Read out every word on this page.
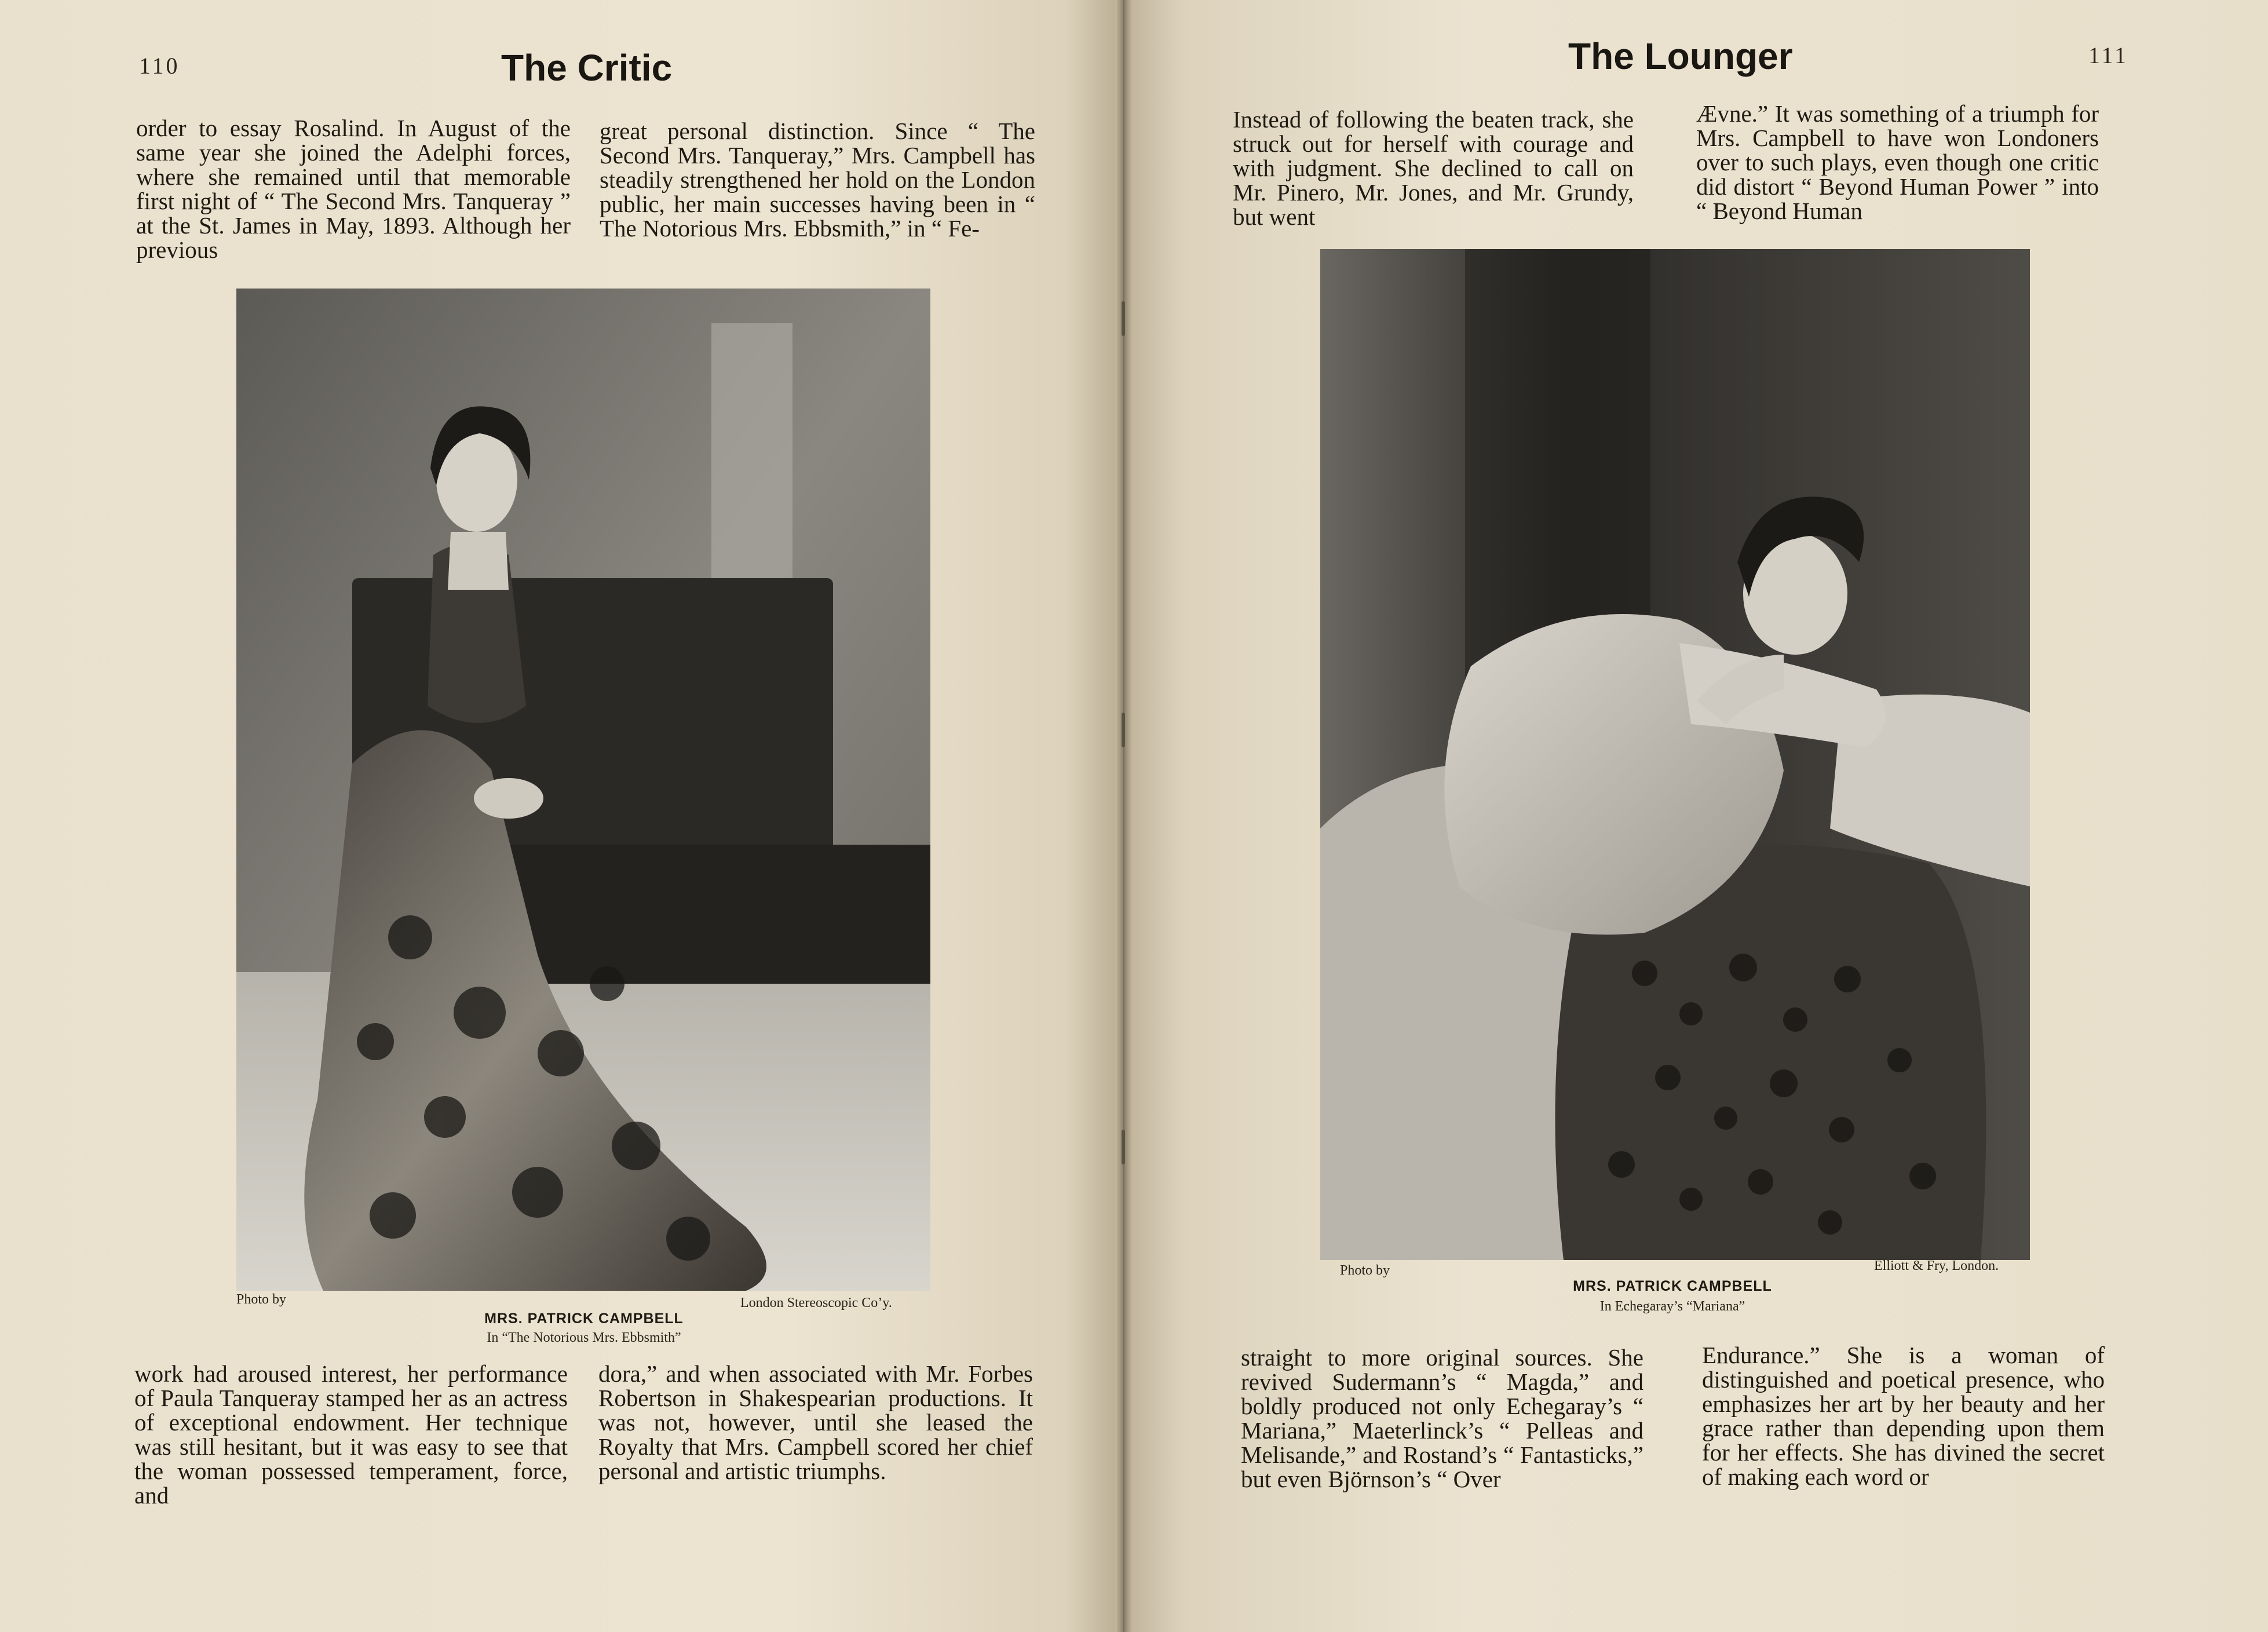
110	The Critic

order to essay Rosalind. In August of the same year she joined the Adelphi forces, where she remained until that memorable first night of “ The Second Mrs. Tanqueray ” at the St. James in May, 1893. Although her previous

great personal distinction. Since “ The Second Mrs. Tanqueray,” Mrs. Campbell has steadily strengthened her hold on the London public, her main successes having been in “ The Notorious Mrs. Ebbsmith,” in “ Fe-

Photo by	London Stereoscopic Co’y.
MRS. PATRICK CAMPBELL
In “The Notorious Mrs. Ebbsmith”

work had aroused interest, her performance of Paula Tanqueray stamped her as an actress of exceptional endowment. Her technique was still hesitant, but it was easy to see that the woman possessed temperament, force, and

dora,” and when associated with Mr. Forbes Robertson in Shakespearian productions. It was not, however, until she leased the Royalty that Mrs. Campbell scored her chief personal and artistic triumphs.

The Lounger	111

Instead of following the beaten track, she struck out for herself with courage and with judgment. She declined to call on Mr. Pinero, Mr. Jones, and Mr. Grundy, but went

Ævne.” It was something of a triumph for Mrs. Campbell to have won Londoners over to such plays, even though one critic did distort “ Beyond Human Power ” into “ Beyond Human

Photo by	Elliott & Fry, London.
MRS. PATRICK CAMPBELL
In Echegaray’s “Mariana”

straight to more original sources. She revived Sudermann’s “ Magda,” and boldly produced not only Echegaray’s “ Mariana,” Maeterlinck’s “ Pelleas and Melisande,” and Rostand’s “ Fantasticks,” but even Björnson’s “ Over

Endurance.” She is a woman of distinguished and poetical presence, who emphasizes her art by her beauty and her grace rather than depending upon them for her effects. She has divined the secret of making each word or
